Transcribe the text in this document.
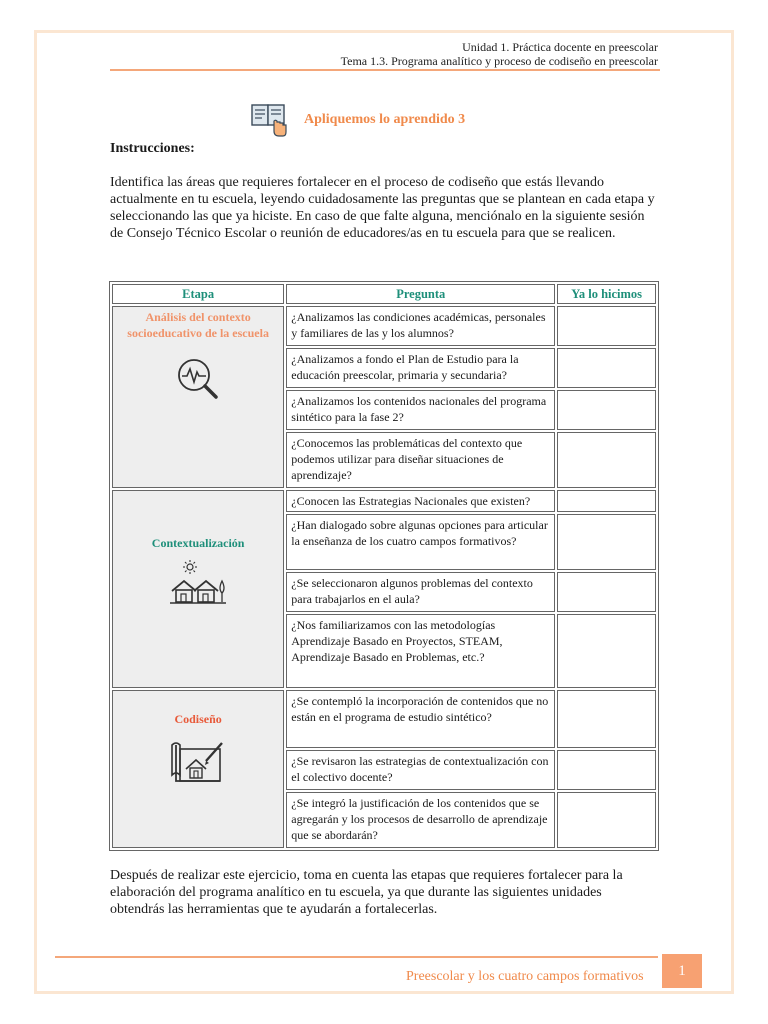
Unidad 1. Práctica docente en preescolar
Tema 1.3. Programa analítico y proceso de codiseño en preescolar
Apliquemos lo aprendido 3
Instrucciones:
Identifica las áreas que requieres fortalecer en el proceso de codiseño que estás llevando actualmente en tu escuela, leyendo cuidadosamente las preguntas que se plantean en cada etapa y seleccionando las que ya hiciste. En caso de que falte alguna, menciónalo en la siguiente sesión de Consejo Técnico Escolar o reunión de educadores/as en tu escuela para que se realicen.
Etapa	Pregunta	Ya lo hicimos

Análisis del contexto socioeducativo de la escuela	¿Analizamos las condiciones académicas, personales y familiares de las y los alumnos?	
	¿Analizamos a fondo el Plan de Estudio para la educación preescolar, primaria y secundaria?	
	¿Analizamos los contenidos nacionales del programa sintético para la fase 2?	
	¿Conocemos las problemáticas del contexto que podemos utilizar para diseñar situaciones de aprendizaje?	

Contextualización	¿Conocen las Estrategias Nacionales que existen?	
	¿Han dialogado sobre algunas opciones para articular la enseñanza de los cuatro campos formativos?	
	¿Se seleccionaron algunos problemas del contexto para trabajarlos en el aula?	
	¿Nos familiarizamos con las metodologías Aprendizaje Basado en Proyectos, STEAM, Aprendizaje Basado en Problemas, etc.?	

Codiseño	¿Se contempló la incorporación de contenidos que no están en el programa de estudio sintético?	
	¿Se revisaron las estrategias de contextualización con el colectivo docente?	
	¿Se integró la justificación de los contenidos que se agregarán y los procesos de desarrollo de aprendizaje que se abordarán?	
Después de realizar este ejercicio, toma en cuenta las etapas que requieres fortalecer para la elaboración del programa analítico en tu escuela, ya que durante las siguientes unidades obtendrás las herramientas que te ayudarán a fortalecerlas.
Preescolar y los cuatro campos formativos	1
